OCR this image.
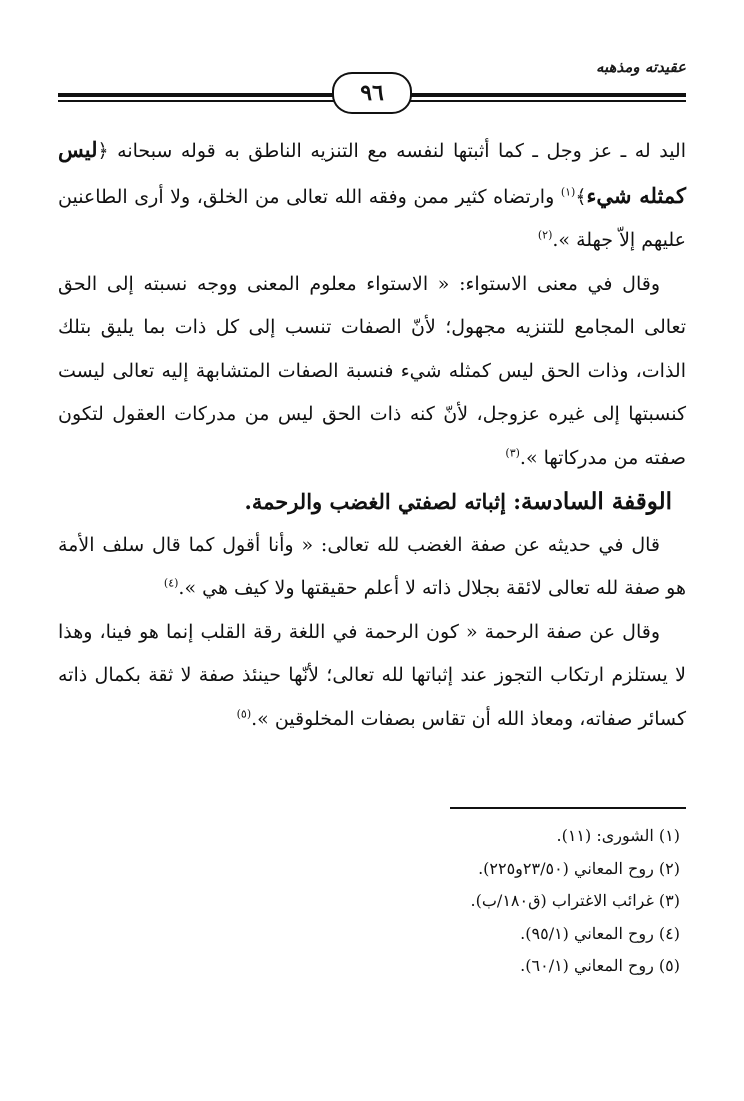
عقيدته ومذهبه
٩٦

اليد له ـ عز وجل ـ كما أثبتها لنفسه مع التنزيه الناطق به قوله سبحانه ﴿ليس كمثله شيء﴾$^{(١)}$ وارتضاه كثير ممن وفقه الله تعالى من الخلق، ولا أرى الطاعنين عليهم إلاّ جهلة ».$^{(٢)}$

وقال في معنى الاستواء: « الاستواء معلوم المعنى ووجه نسبته إلى الحق تعالى المجامع للتنزيه مجهول؛ لأنّ الصفات تنسب إلى كل ذات بما يليق بتلك الذات، وذات الحق ليس كمثله شيء فنسبة الصفات المتشابهة إليه تعالى ليست كنسبتها إلى غيره عزوجل، لأنّ كنه ذات الحق ليس من مدركات العقول لتكون صفته من مدركاتها ».$^{(٣)}$

الوقفة السادسة: إثباته لصفتي الغضب والرحمة.

قال في حديثه عن صفة الغضب لله تعالى: « وأنا أقول كما قال سلف الأمة هو صفة لله تعالى لائقة بجلال ذاته لا أعلم حقيقتها ولا كيف هي ».$^{(٤)}$

وقال عن صفة الرحمة « كون الرحمة في اللغة رقة القلب إنما هو فينا، وهذا لا يستلزم ارتكاب التجوز عند إثباتها لله تعالى؛ لأنّها حينئذ صفة لا ثقة بكمال ذاته كسائر صفاته، ومعاذ الله أن تقاس بصفات المخلوقين ».$^{(٥)}$

(١) الشورى: (١١).

(٢) روح المعاني (٢٣/٥٠و٢٢٥).

(٣) غرائب الاغتراب (ق١٨٠/ب).

(٤) روح المعاني (٩٥/١).

(٥) روح المعاني (٦٠/١).
